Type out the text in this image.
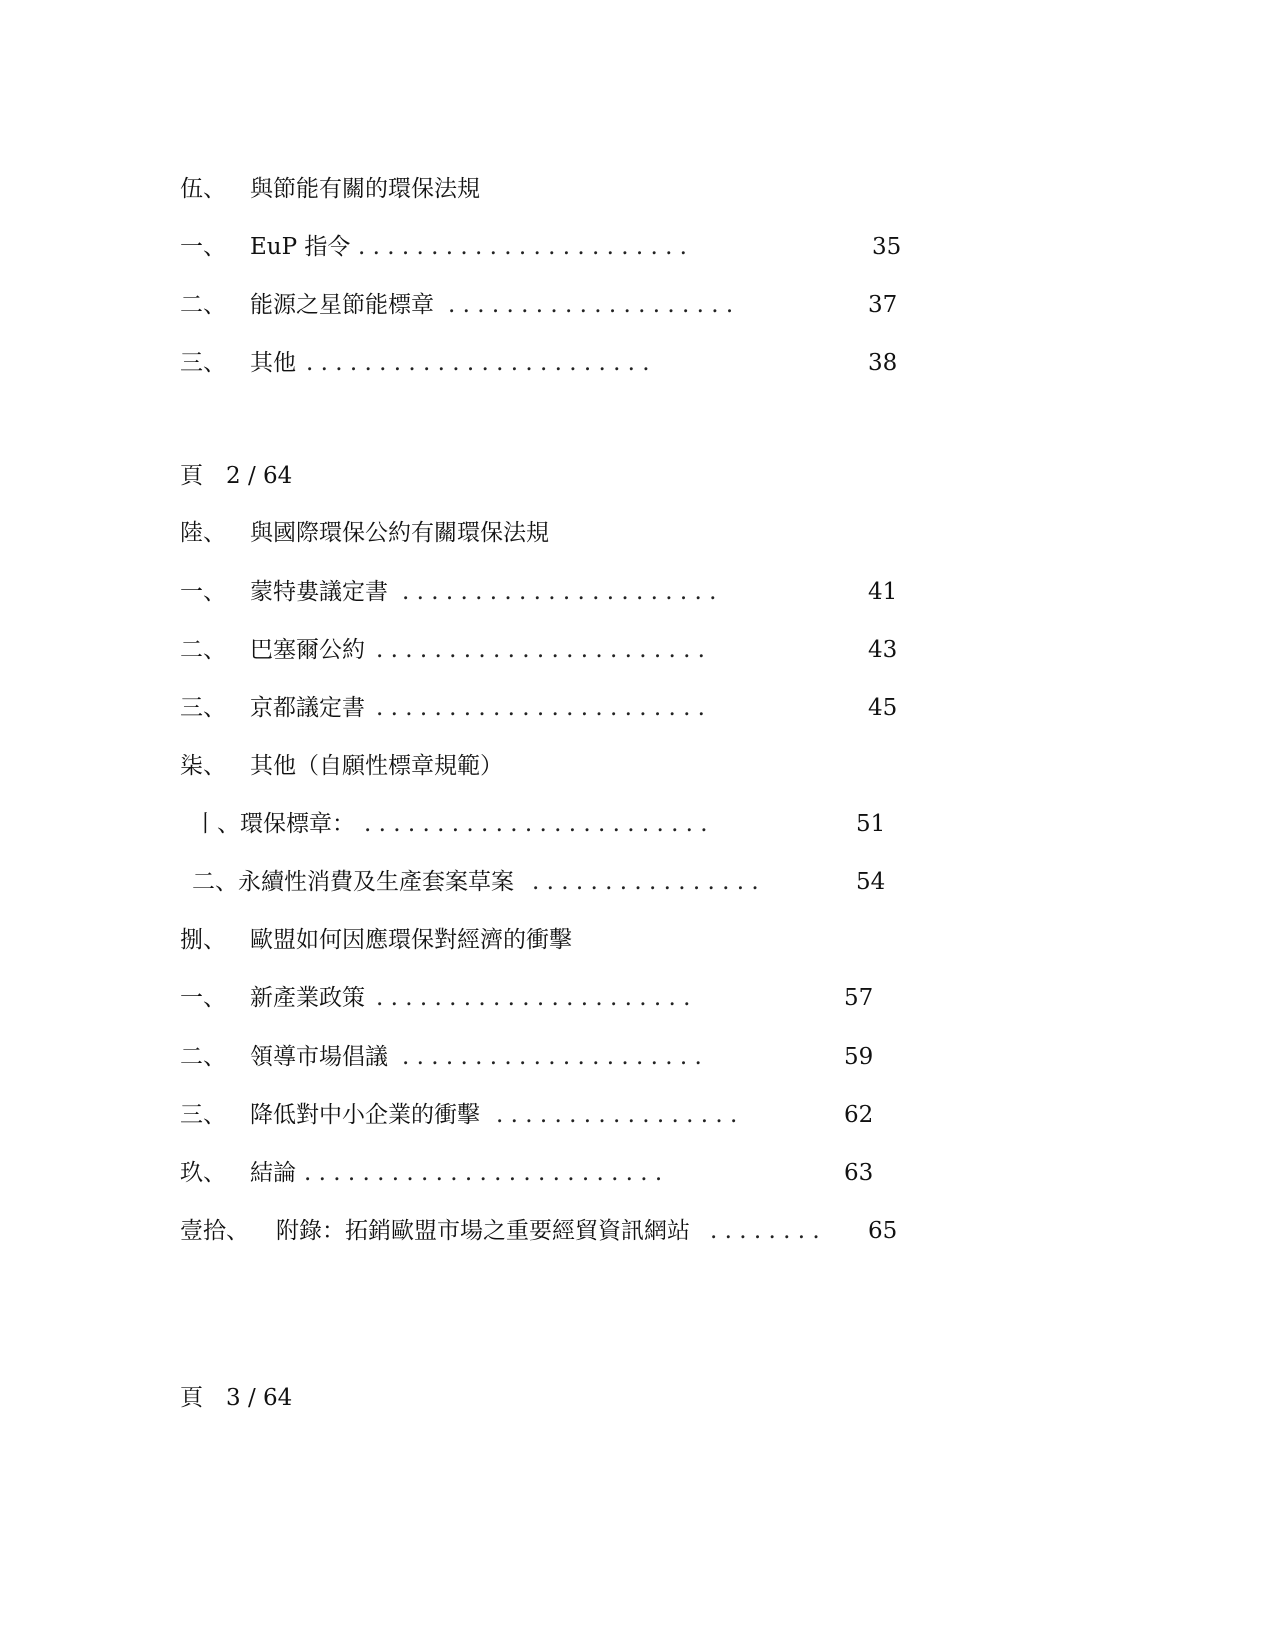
伍、 與節能有關的環保法規
一、 EuP 指令 . . . . . . . . . . . . . . . . . . . . . . .	35
二、 能源之星節能標章 . . . . . . . . . . . . . . . . . . . .	37
三、 其他 . . . . . . . . . . . . . . . . . . . . . . . .	38
頁　2 / 64
陸、 與國際環保公約有關環保法規
一、 蒙特婁議定書 . . . . . . . . . . . . . . . . . . . . . .	41
二、 巴塞爾公約 . . . . . . . . . . . . . . . . . . . . . . .	43
三、 京都議定書 . . . . . . . . . . . . . . . . . . . . . . .	45
柒、 其他（自願性標章規範）
丨、環保標章： . . . . . . . . . . . . . . . . . . . . . . . .	51
二、永續性消費及生產套案草案 . . . . . . . . . . . . . . . .	54
捌、 歐盟如何因應環保對經濟的衝擊
一、 新產業政策 . . . . . . . . . . . . . . . . . . . . . .	57
二、 領導市場倡議 . . . . . . . . . . . . . . . . . . . . .	59
三、 降低對中小企業的衝擊 . . . . . . . . . . . . . . . . .	62
玖、 結論 . . . . . . . . . . . . . . . . . . . . . . . . .	63
壹拾、 附錄：拓銷歐盟市場之重要經貿資訊網站 . . . . . . . . 65
頁　3 / 64
